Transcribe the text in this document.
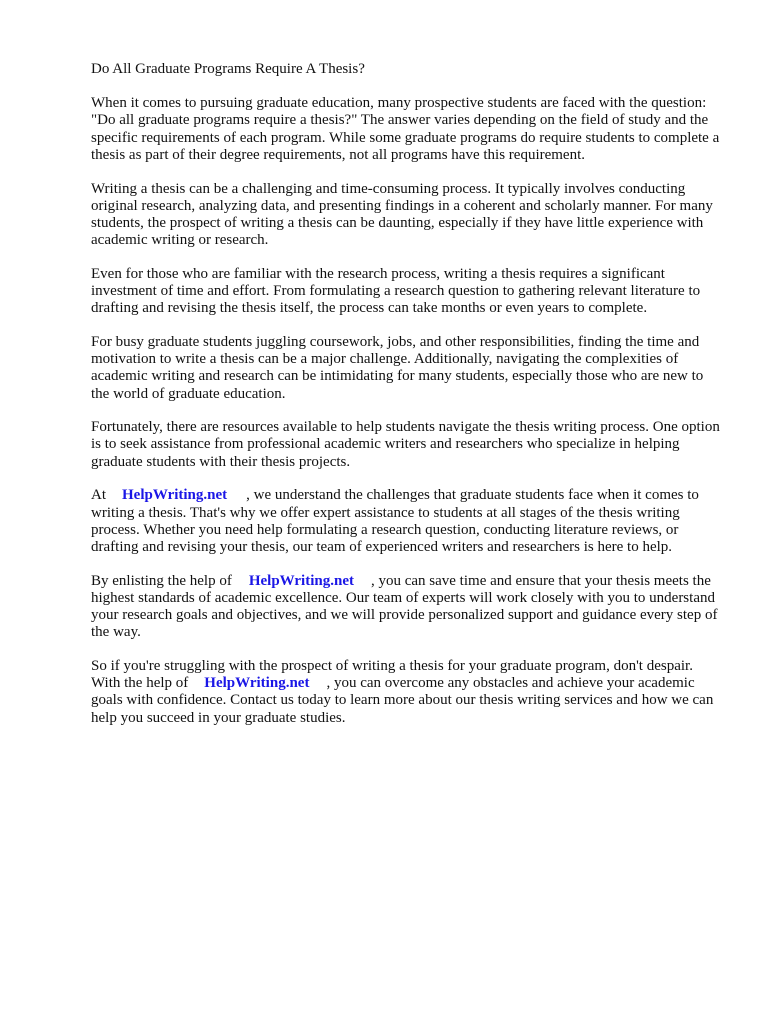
Do All Graduate Programs Require A Thesis?

When it comes to pursuing graduate education, many prospective students are faced with the question: "Do all graduate programs require a thesis?" The answer varies depending on the field of study and the specific requirements of each program. While some graduate programs do require students to complete a thesis as part of their degree requirements, not all programs have this requirement.

Writing a thesis can be a challenging and time-consuming process. It typically involves conducting original research, analyzing data, and presenting findings in a coherent and scholarly manner. For many students, the prospect of writing a thesis can be daunting, especially if they have little experience with academic writing or research.

Even for those who are familiar with the research process, writing a thesis requires a significant investment of time and effort. From formulating a research question to gathering relevant literature to drafting and revising the thesis itself, the process can take months or even years to complete.

For busy graduate students juggling coursework, jobs, and other responsibilities, finding the time and motivation to write a thesis can be a major challenge. Additionally, navigating the complexities of academic writing and research can be intimidating for many students, especially those who are new to the world of graduate education.

Fortunately, there are resources available to help students navigate the thesis writing process. One option is to seek assistance from professional academic writers and researchers who specialize in helping graduate students with their thesis projects.

At HelpWriting.net , we understand the challenges that graduate students face when it comes to writing a thesis. That's why we offer expert assistance to students at all stages of the thesis writing process. Whether you need help formulating a research question, conducting literature reviews, or drafting and revising your thesis, our team of experienced writers and researchers is here to help.

By enlisting the help of HelpWriting.net , you can save time and ensure that your thesis meets the highest standards of academic excellence. Our team of experts will work closely with you to understand your research goals and objectives, and we will provide personalized support and guidance every step of the way.

So if you're struggling with the prospect of writing a thesis for your graduate program, don't despair. With the help of HelpWriting.net , you can overcome any obstacles and achieve your academic goals with confidence. Contact us today to learn more about our thesis writing services and how we can help you succeed in your graduate studies.
